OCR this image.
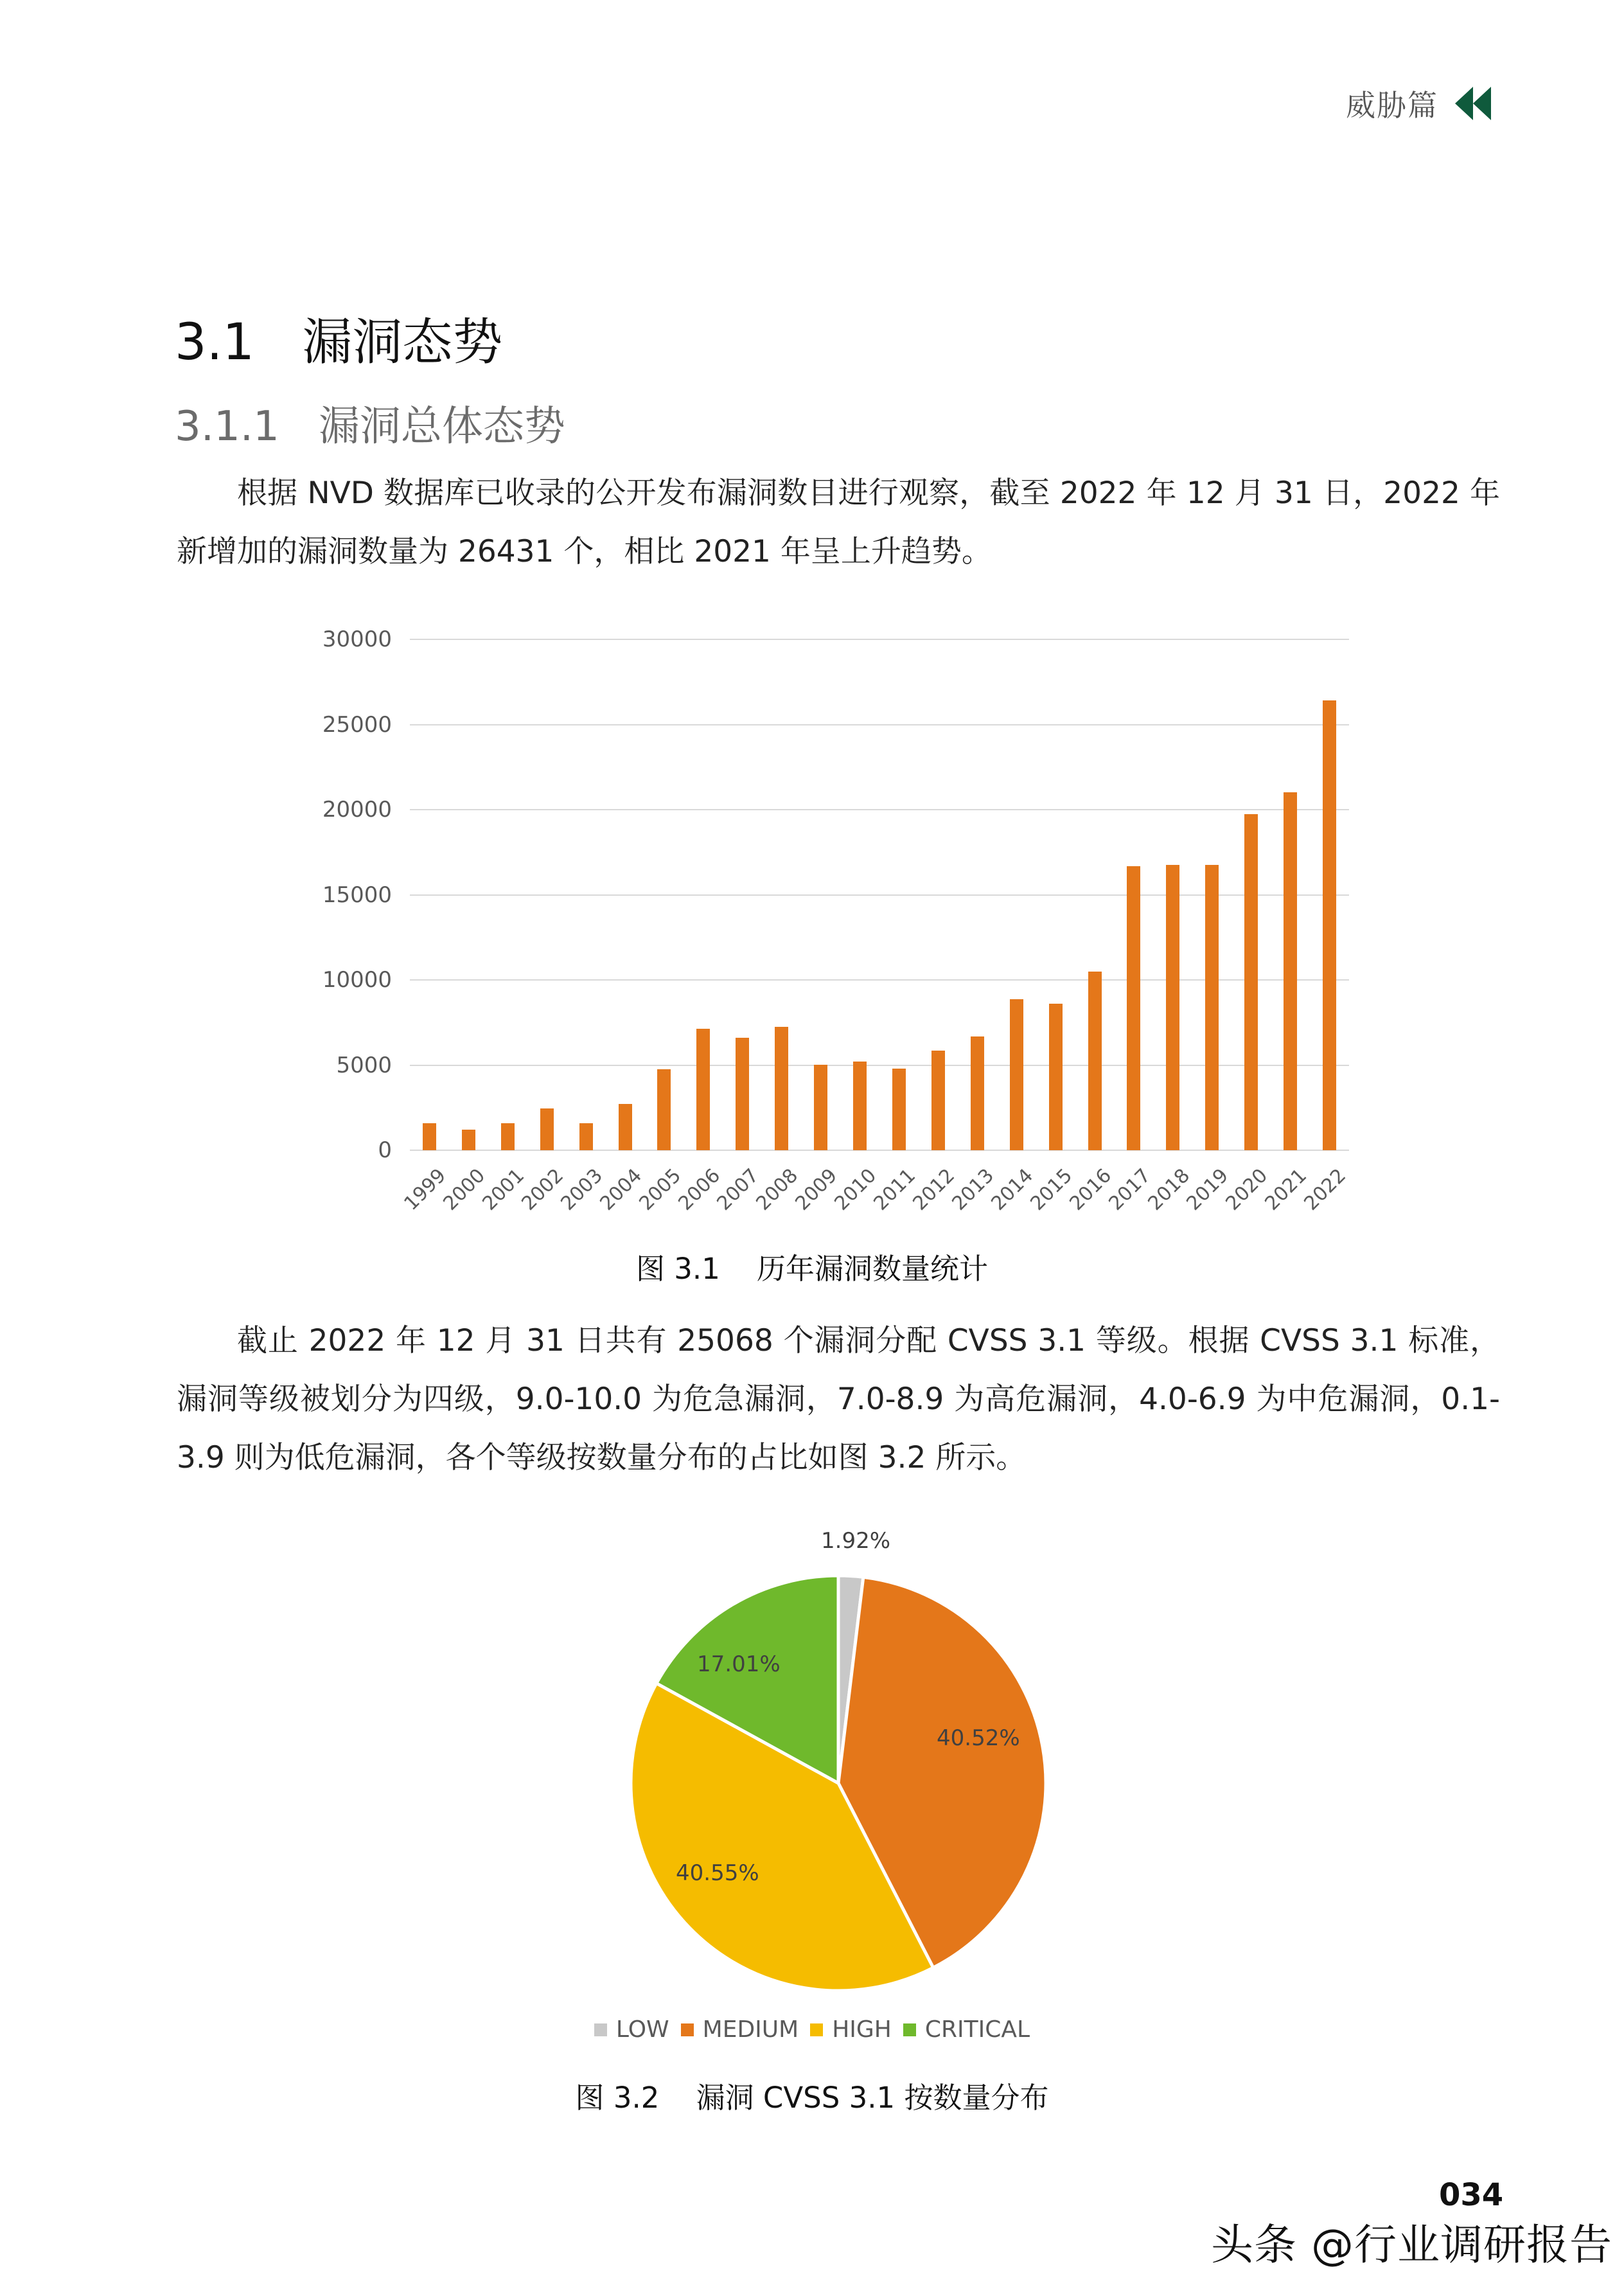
威胁篇
3.1   漏洞态势
3.1.1   漏洞总体态势

根据 NVD 数据库已收录的公开发布漏洞数目进行观察，截至 2022 年 12 月 31 日，2022 年新增加的漏洞数量为 26431 个，相比 2021 年呈上升趋势。

0
5000
10000
15000
20000
25000
30000
1999
2000
2001
2002
2003
2004
2005
2006
2007
2008
2009
2010
2011
2012
2013
2014
2015
2016
2017
2018
2019
2020
2021
2022
图 3.1    历年漏洞数量统计

截止 2022 年 12 月 31 日共有 25068 个漏洞分配 CVSS 3.1 等级。根据 CVSS 3.1 标准，漏洞等级被划分为四级，9.0-10.0 为危急漏洞，7.0-8.9 为高危漏洞，4.0-6.9 为中危漏洞，0.1-3.9 则为低危漏洞，各个等级按数量分布的占比如图 3.2 所示。

1.92%
40.52%
40.55%
17.01%
LOW MEDIUM HIGH CRITICAL
图 3.2    漏洞 CVSS 3.1 按数量分布
034
头条 @行业调研报告
